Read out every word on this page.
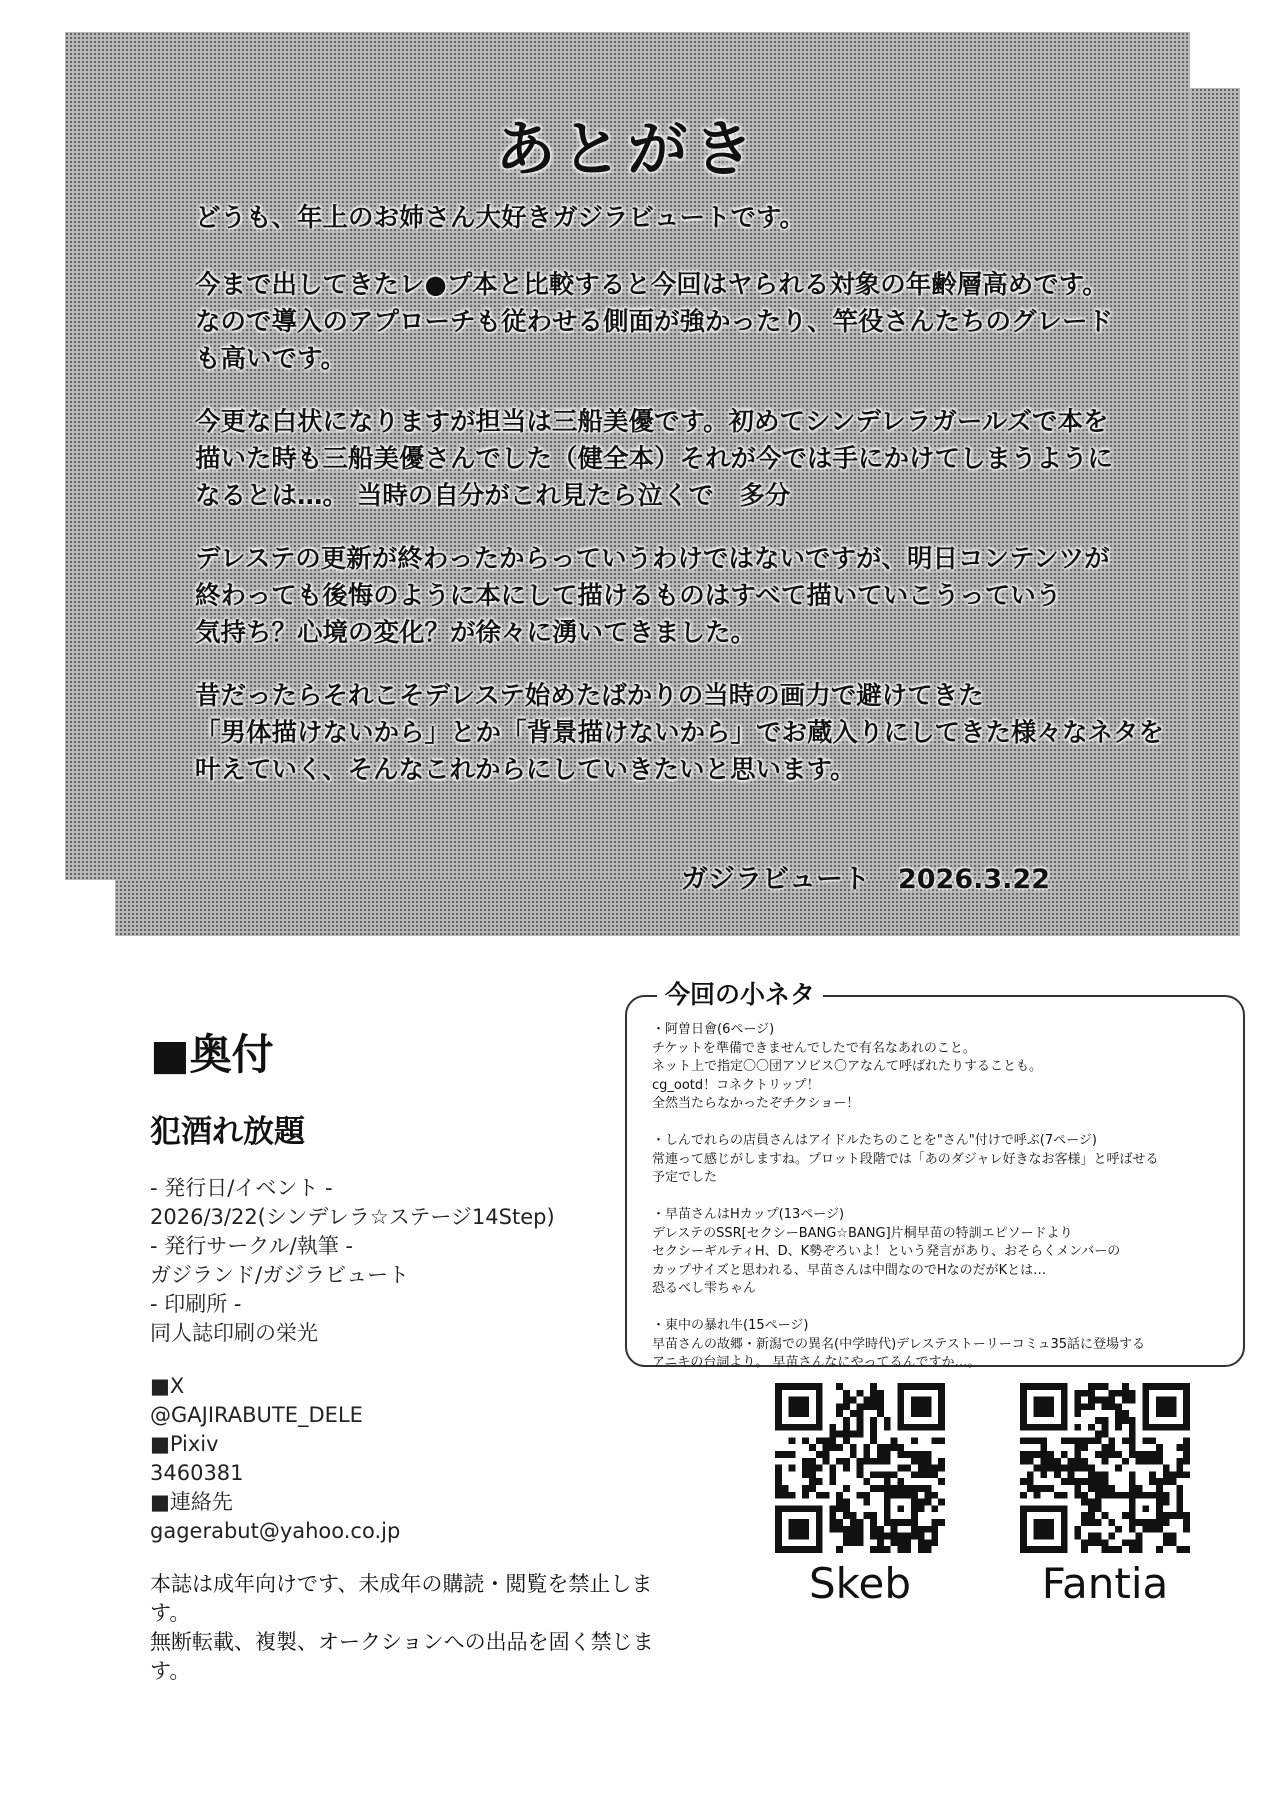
あとがき
どうも、年上のお姉さん大好きガジラビュートです。
今まで出してきたレ●プ本と比較すると今回はヤられる対象の年齢層高めです。
なので導入のアプローチも従わせる側面が強かったり、竿役さんたちのグレード
も高いです。
今更な白状になりますが担当は三船美優です。初めてシンデレラガールズで本を
描いた時も三船美優さんでした（健全本）それが今では手にかけてしまうように
なるとは…。 当時の自分がこれ見たら泣くで　多分
デレステの更新が終わったからっていうわけではないですが、明日コンテンツが
終わっても後悔のように本にして描けるものはすべて描いていこうっていう
気持ち？心境の変化？が徐々に湧いてきました。
昔だったらそれこそデレステ始めたばかりの当時の画力で避けてきた
「男体描けないから」とか「背景描けないから」でお蔵入りにしてきた様々なネタを
叶えていく、そんなこれからにしていきたいと思います。
ガジラビュート 2026.3.22
■奥付
犯酒れ放題
- 発行日/イベント -
2026/3/22(シンデレラ☆ステージ14Step)
- 発行サークル/執筆 -
ガジランド/ガジラビュート
- 印刷所 -
同人誌印刷の栄光
■X
@GAJIRABUTE_DELE
■Pixiv
3460381
■連絡先
gagerabut@yahoo.co.jp
本誌は成年向けです、未成年の購読・閲覧を禁止します。
無断転載、複製、オークションへの出品を固く禁じます。
今回の小ネタ
・阿曽日會(6ページ)
チケットを準備できませんでしたで有名なあれのこと。
ネット上で指定〇〇団アソビス〇アなんて呼ばれたりすることも。
cg_ootd！コネクトリップ！
全然当たらなかったぞチクショー！
・しんでれらの店員さんはアイドルたちのことを"さん"付けで呼ぶ(7ページ)
常連って感じがしますね。プロット段階では「あのダジャレ好きなお客様」と呼ばせる
予定でした
・早苗さんはHカップ(13ページ)
デレステのSSR[セクシーBANG☆BANG]片桐早苗の特訓エピソードより
セクシーギルティH、D、K勢ぞろいよ！という発言があり、おそらくメンバーの
カップサイズと思われる、早苗さんは中間なのでHなのだがKとは…
恐るべし雫ちゃん
・東中の暴れ牛(15ページ)
早苗さんの故郷・新潟での異名(中学時代)デレステストーリーコミュ35話に登場する
アニキの台詞より。 早苗さんなにやってるんですか…。
Skeb	Fantia
